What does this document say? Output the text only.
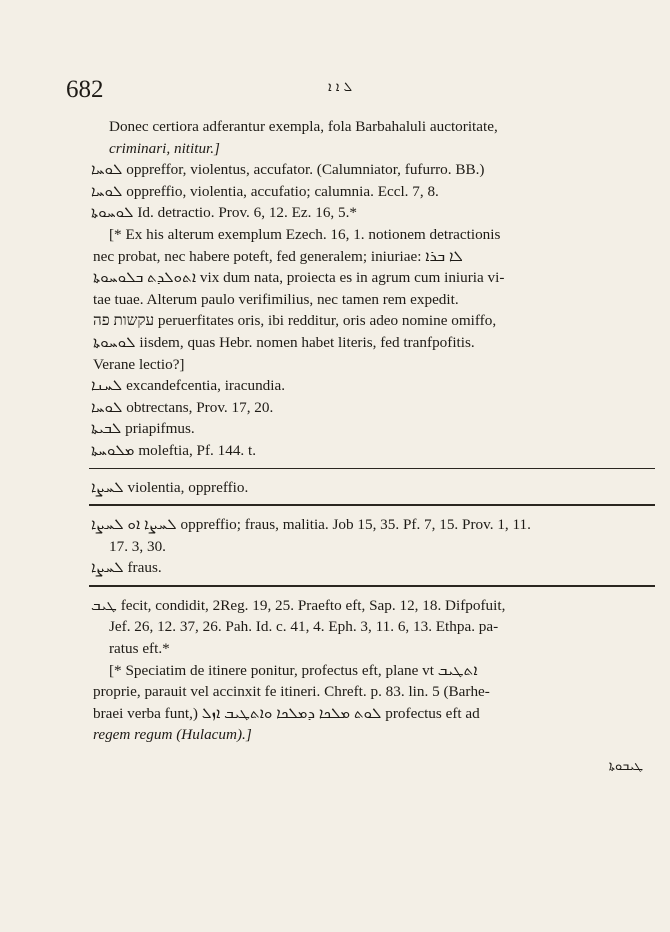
682	ܠ ܐ ܐ
Donec certiora adferantur exempla, fola Barbahaluli auctoritate,
criminari, nititur.]
ܠܘܚܐ oppreffor, violentus, accufator. (Calumniator, fufurro. BB.)
ܠܘܚܐ oppreffio, violentia, accufatio; calumnia. Eccl. 7, 8.
ܠܘܚܘܬܐ Id. detractio. Prov. 6, 12. Ez. 16, 5.*
[* Ex his alterum exemplum Ezech. 16, 1. notionem detractionis
nec probat, nec habere poteft, fed generalem; iniuriae: ܠܐ ܒܪܐ
ܐܬܘܠܕܬ ܒܠܘܚܘܬܐ vix dum nata, proiecta es in agrum cum iniuria vi-
tae tuae. Alterum paulo verifimilius, nec tamen rem expedit.
עקשות פה peruerfitates oris, ibi redditur, oris adeo nomine omiffo,
ܠܘܚܘܬܐ iisdem, quas Hebr. nomen habet literis, fed tranfpofitis.
Verane lectio?]
ܠܚܢܐ excandefcentia, iracundia.
ܠܘܚܐ obtrectans, Prov. 17, 20.
ܠܒܝܬܐ priapifmus.
ܡܠܘܚܬܐ moleftia, Pf. 144. t.
ܠܚܨܐ violentia, oppreffio.
ܠܚܨܐ ܐܘ ܠܚܨܐ oppreffio; fraus, malitia. Job 15, 35. Pf. 7, 15. Prov. 1, 11.
17. 3, 30.
ܠܚܨܐ fraus.
ܛܝܒ fecit, condidit, 2Reg. 19, 25. Praefto eft, Sap. 12, 18. Difpofuit,
Jef. 26, 12. 37, 26. Pah. Id. c. 41, 4. Eph. 3, 11. 6, 13. Ethpa. pa-
ratus eft.*
[* Speciatim de itinere ponitur, profectus eft, plane vt ܐܬܛܝܒ
proprie, parauit vel accinxit fe itineri. Chreft. p. 83. lin. 5 (Barhe-
braei verba funt,) ܠܘܬ ܡܠܟܐ ܕܡܠܟܐ ܘܐܬܛܝܒ ܐܙܠ profectus eft ad
regem regum (Hulacum).]
ܛܝܒܘܬܐ
